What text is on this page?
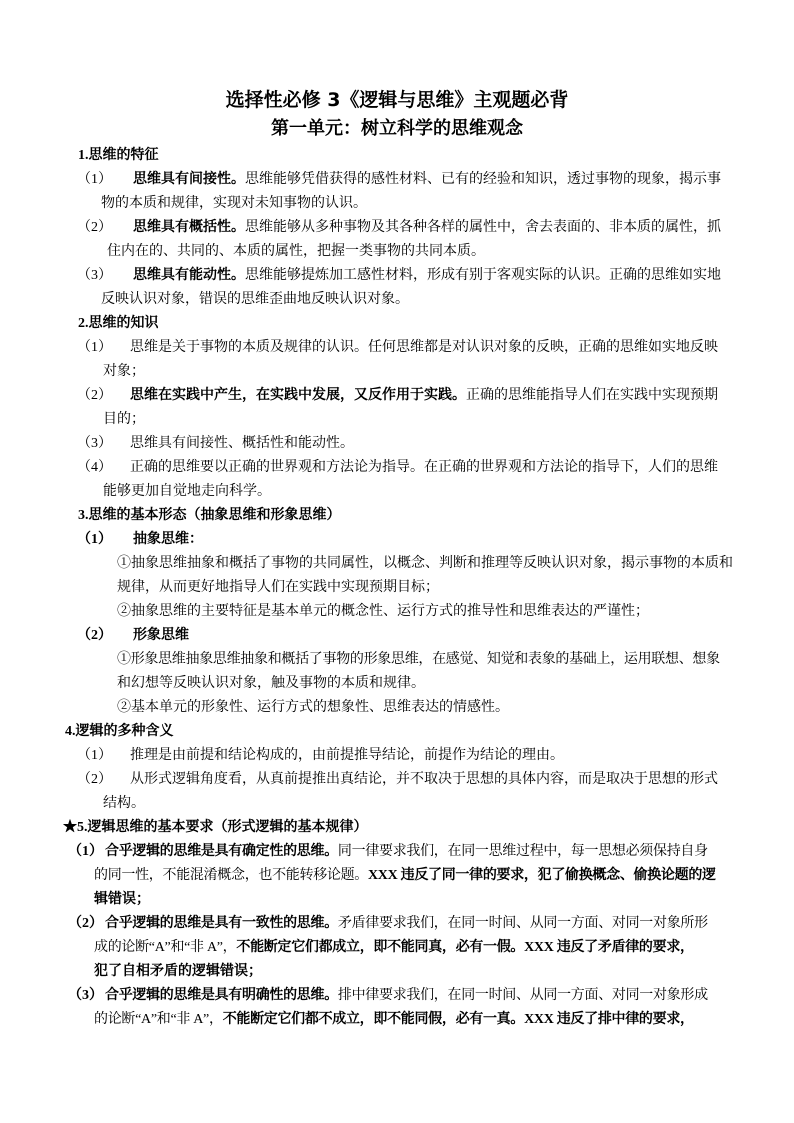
选择性必修 3《逻辑与思维》主观题必背
第一单元：树立科学的思维观念
1.思维的特征
（1） 思维具有间接性。思维能够凭借获得的感性材料、已有的经验和知识，透过事物的现象，揭示事
物的本质和规律，实现对未知事物的认识。
（2） 思维具有概括性。思维能够从多种事物及其各种各样的属性中，舍去表面的、非本质的属性，抓
住内在的、共同的、本质的属性，把握一类事物的共同本质。
（3） 思维具有能动性。思维能够提炼加工感性材料，形成有别于客观实际的认识。正确的思维如实地
反映认识对象，错误的思维歪曲地反映认识对象。
2.思维的知识
（1） 思维是关于事物的本质及规律的认识。任何思维都是对认识对象的反映，正确的思维如实地反映
对象；
（2） 思维在实践中产生，在实践中发展，又反作用于实践。正确的思维能指导人们在实践中实现预期
目的；
（3） 思维具有间接性、概括性和能动性。
（4） 正确的思维要以正确的世界观和方法论为指导。在正确的世界观和方法论的指导下，人们的思维
能够更加自觉地走向科学。
3.思维的基本形态（抽象思维和形象思维）
（1） 抽象思维：
①抽象思维抽象和概括了事物的共同属性，以概念、判断和推理等反映认识对象，揭示事物的本质和
规律，从而更好地指导人们在实践中实现预期目标；
②抽象思维的主要特征是基本单元的概念性、运行方式的推导性和思维表达的严谨性；
（2） 形象思维
①形象思维抽象思维抽象和概括了事物的形象思维，在感觉、知觉和表象的基础上，运用联想、想象
和幻想等反映认识对象，触及事物的本质和规律。
②基本单元的形象性、运行方式的想象性、思维表达的情感性。
4.逻辑的多种含义
（1） 推理是由前提和结论构成的，由前提推导结论，前提作为结论的理由。
（2） 从形式逻辑角度看，从真前提推出真结论，并不取决于思想的具体内容，而是取决于思想的形式
结构。
★5.逻辑思维的基本要求（形式逻辑的基本规律）
（1） 合乎逻辑的思维是具有确定性的思维。同一律要求我们，在同一思维过程中，每一思想必须保持自身
的同一性，不能混淆概念，也不能转移论题。XXX 违反了同一律的要求，犯了偷换概念、偷换论题的逻
辑错误；
（2） 合乎逻辑的思维是具有一致性的思维。矛盾律要求我们，在同一时间、从同一方面、对同一对象所形
成的论断“A”和“非 A”，不能断定它们都成立，即不能同真，必有一假。XXX 违反了矛盾律的要求，
犯了自相矛盾的逻辑错误；
（3） 合乎逻辑的思维是具有明确性的思维。排中律要求我们，在同一时间、从同一方面、对同一对象形成
的论断“A”和“非 A”，不能断定它们都不成立，即不能同假，必有一真。XXX 违反了排中律的要求，
